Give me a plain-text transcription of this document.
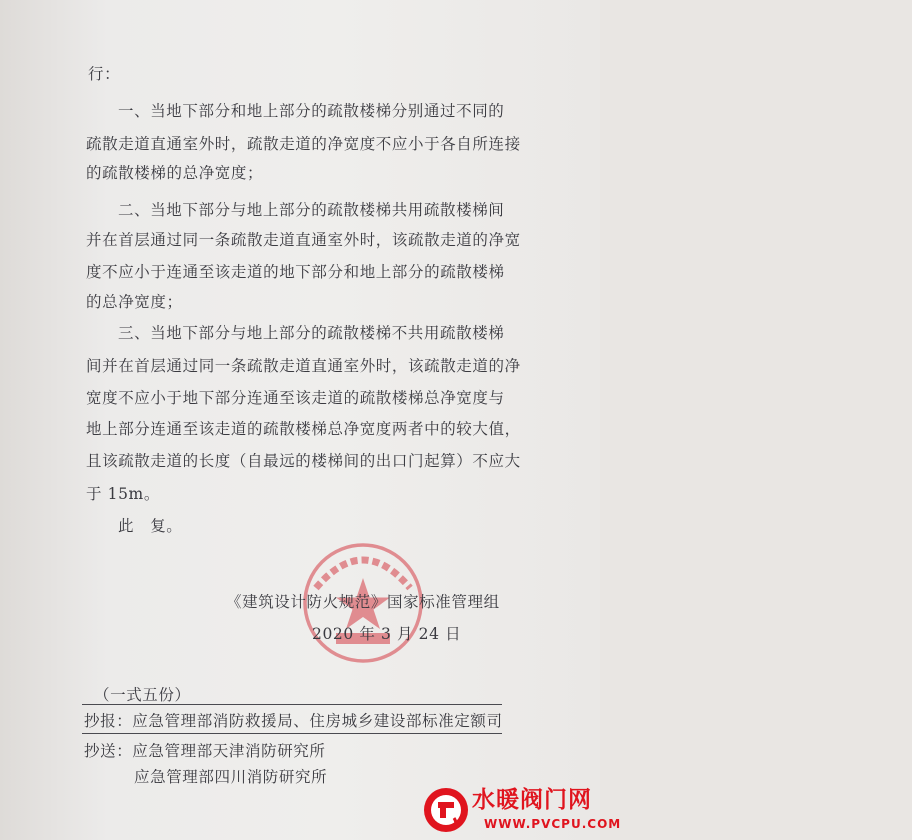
行：
一、当地下部分和地上部分的疏散楼梯分别通过不同的
疏散走道直通室外时，疏散走道的净宽度不应小于各自所连接
的疏散楼梯的总净宽度；
二、当地下部分与地上部分的疏散楼梯共用疏散楼梯间
并在首层通过同一条疏散走道直通室外时，该疏散走道的净宽
度不应小于连通至该走道的地下部分和地上部分的疏散楼梯
的总净宽度；
三、当地下部分与地上部分的疏散楼梯不共用疏散楼梯
间并在首层通过同一条疏散走道直通室外时，该疏散走道的净
宽度不应小于地下部分连通至该走道的疏散楼梯总净宽度与
地上部分连通至该走道的疏散楼梯总净宽度两者中的较大值，
且该疏散走道的长度（自最远的楼梯间的出口门起算）不应大
于 15m。
此　复。
《建筑设计防火规范》国家标准管理组
2020 年 3 月 24 日
（一式五份）
抄报：应急管理部消防救援局、住房城乡建设部标准定额司
抄送：应急管理部天津消防研究所
应急管理部四川消防研究所
水暖阀门网
WWW.PVCPU.COM
